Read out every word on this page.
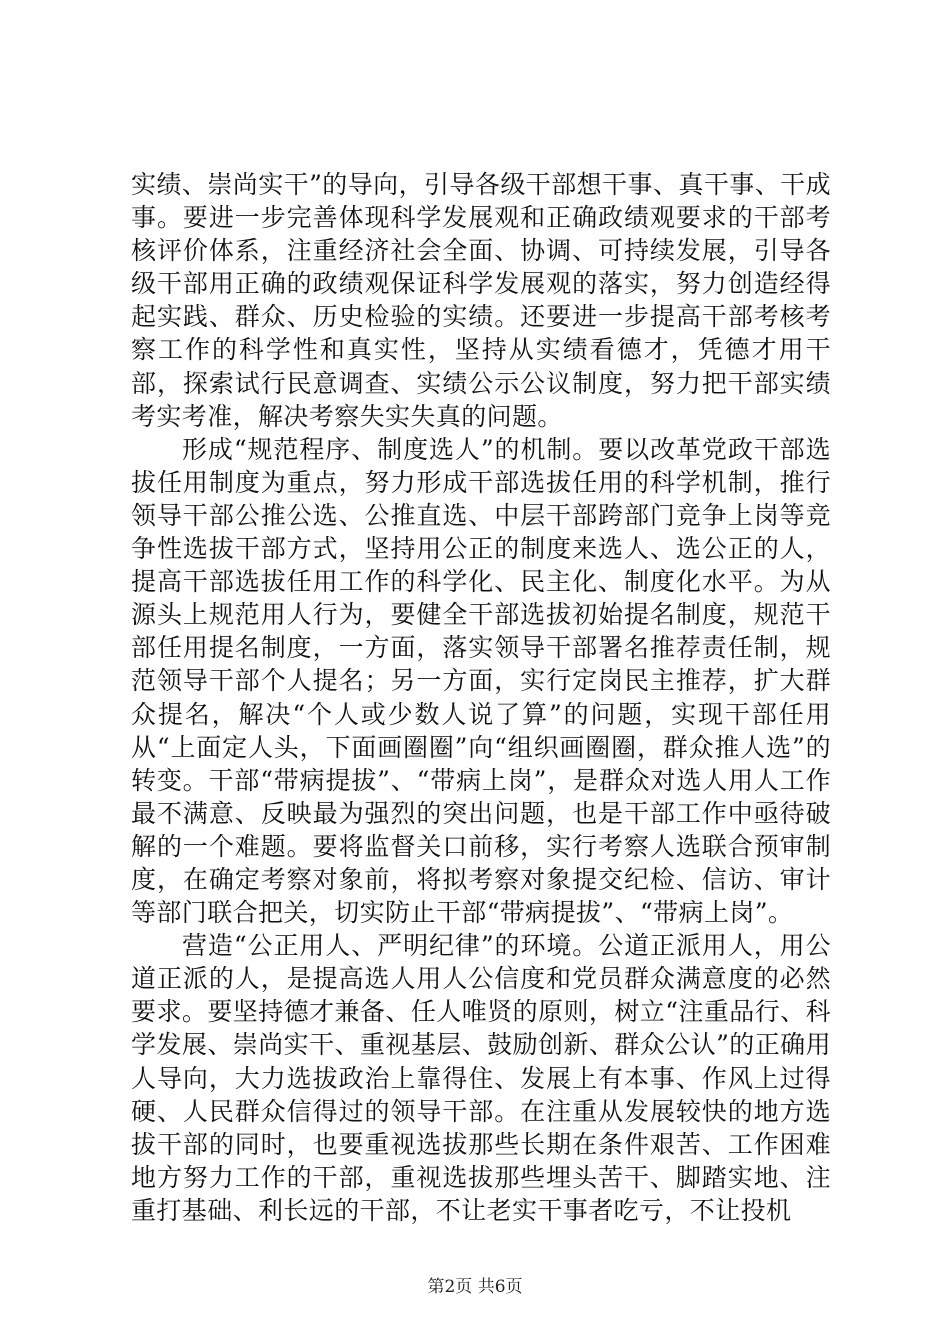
实绩、崇尚实干”的导向，引导各级干部想干事、真干事、干成事。要进一步完善体现科学发展观和正确政绩观要求的干部考核评价体系，注重经济社会全面、协调、可持续发展，引导各级干部用正确的政绩观保证科学发展观的落实，努力创造经得起实践、群众、历史检验的实绩。还要进一步提高干部考核考察工作的科学性和真实性，坚持从实绩看德才，凭德才用干部，探索试行民意调查、实绩公示公议制度，努力把干部实绩考实考准，解决考察失实失真的问题。

形成“规范程序、制度选人”的机制。要以改革党政干部选拔任用制度为重点，努力形成干部选拔任用的科学机制，推行领导干部公推公选、公推直选、中层干部跨部门竞争上岗等竞争性选拔干部方式，坚持用公正的制度来选人、选公正的人，提高干部选拔任用工作的科学化、民主化、制度化水平。为从源头上规范用人行为，要健全干部选拔初始提名制度，规范干部任用提名制度，一方面，落实领导干部署名推荐责任制，规范领导干部个人提名；另一方面，实行定岗民主推荐，扩大群众提名，解决“个人或少数人说了算”的问题，实现干部任用从“上面定人头，下面画圈圈”向“组织画圈圈，群众推人选”的转变。干部“带病提拔”、“带病上岗”，是群众对选人用人工作最不满意、反映最为强烈的突出问题，也是干部工作中亟待破解的一个难题。要将监督关口前移，实行考察人选联合预审制度，在确定考察对象前，将拟考察对象提交纪检、信访、审计等部门联合把关，切实防止干部“带病提拔”、“带病上岗”。

营造“公正用人、严明纪律”的环境。公道正派用人，用公道正派的人，是提高选人用人公信度和党员群众满意度的必然要求。要坚持德才兼备、任人唯贤的原则，树立“注重品行、科学发展、崇尚实干、重视基层、鼓励创新、群众公认”的正确用人导向，大力选拔政治上靠得住、发展上有本事、作风上过得硬、人民群众信得过的领导干部。在注重从发展较快的地方选拔干部的同时，也要重视选拔那些长期在条件艰苦、工作困难地方努力工作的干部，重视选拔那些埋头苦干、脚踏实地、注重打基础、利长远的干部，不让老实干事者吃亏，不让投机

第2页 共6页
